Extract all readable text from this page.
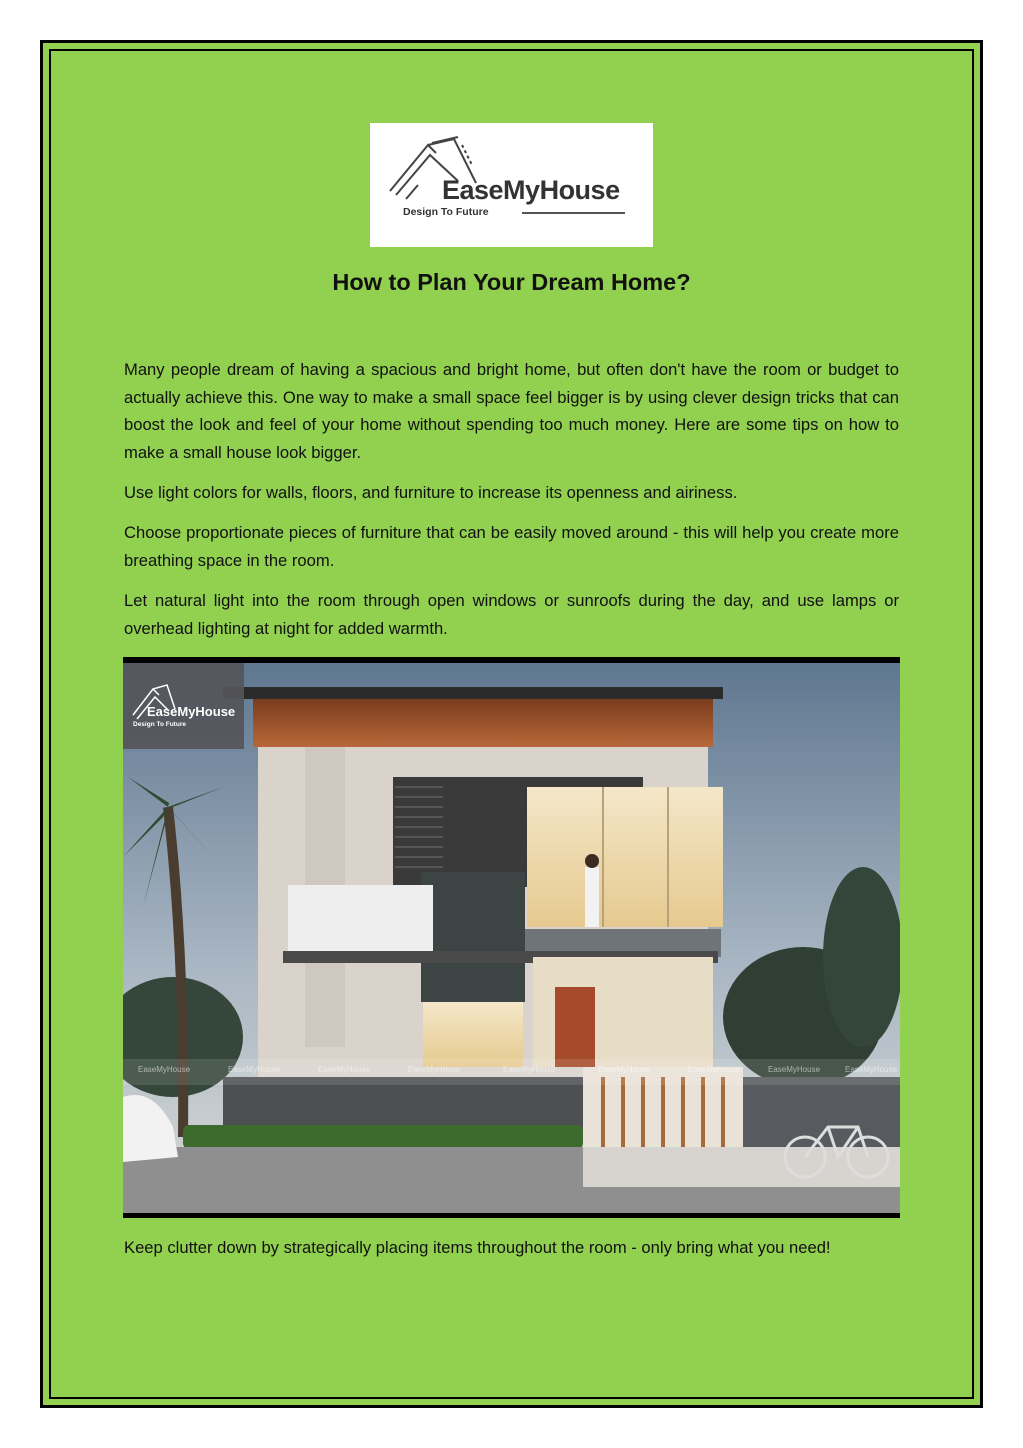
EaseMyHouse
Design To Future
How to Plan Your Dream Home?

Many people dream of having a spacious and bright home, but often don't have the room or budget to actually achieve this. One way to make a small space feel bigger is by using clever design tricks that can boost the look and feel of your home without spending too much money. Here are some tips on how to make a small house look bigger.

Use light colors for walls, floors, and furniture to increase its openness and airiness.

Choose proportionate pieces of furniture that can be easily moved around - this will help you create more breathing space in the room.

Let natural light into the room through open windows or sunroofs during the day, and use lamps or overhead lighting at night for added warmth.

EaseMyHouse
Design To Future
EaseMyHouse	EaseMyHouse	EaseMyHouse	EaseMyHouse	EaseMyHouse	EaseMyHouse	EaseMyHouse	EaseMyHouse	EaseMyHouse

Keep clutter down by strategically placing items throughout the room - only bring what you need!
